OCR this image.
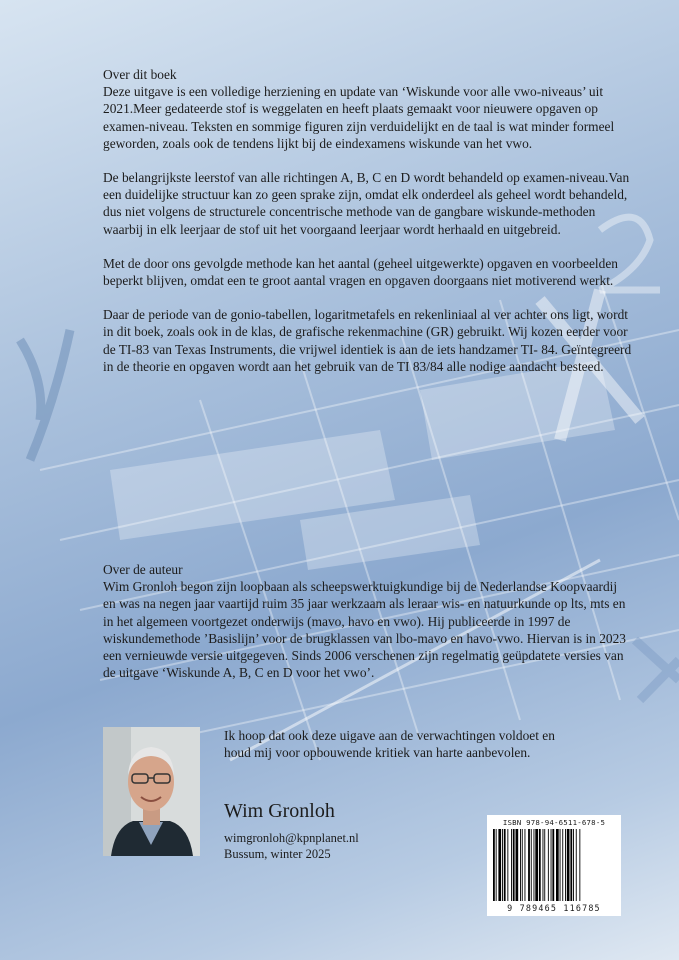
Over dit boek

Deze uitgave is een volledige herziening en update van ‘Wiskunde voor alle vwo-niveaus’ uit 2021.Meer gedateerde stof is weggelaten en heeft plaats gemaakt voor nieuwere opgaven op examen-niveau. Teksten en sommige figuren zijn verduidelijkt en de taal is wat minder formeel geworden, zoals ook de tendens lijkt bij de eindexamens wiskunde van het vwo.

De belangrijkste leerstof van alle richtingen A, B, C en D wordt behandeld op examen-niveau.Van een duidelijke structuur kan zo geen sprake zijn, omdat elk onderdeel als geheel wordt behandeld, dus niet volgens de structurele concentrische methode van de gangbare wiskunde-methoden waarbij in elk leerjaar de stof uit het voorgaand leerjaar wordt herhaald en uitgebreid.

Met de door ons gevolgde methode kan het aantal (geheel uitgewerkte) opgaven en voorbeelden beperkt blijven, omdat een te groot aantal vragen en opgaven doorgaans niet motiverend werkt.

Daar de periode van de gonio-tabellen, logaritmetafels en rekenliniaal al ver achter ons ligt, wordt in dit boek, zoals ook in de klas, de grafische rekenmachine (GR) gebruikt. Wij kozen eerder voor de TI-83 van Texas Instruments, die vrijwel identiek is aan de iets handzamer TI- 84. Geïntegreerd in de theorie en opgaven wordt aan het gebruik van de TI 83/84 alle nodige aandacht besteed.

Over de auteur

Wim Gronloh begon zijn loopbaan als scheepswerktuigkundige bij de Nederlandse Koopvaardij en was na negen jaar vaartijd ruim 35 jaar werkzaam als leraar wis- en natuurkunde op lts, mts en in het algemeen voortgezet onderwijs (mavo, havo en vwo). Hij publiceerde in 1997 de wiskundemethode ’Basislijn’ voor de brugklassen van lbo-mavo en havo-vwo. Hiervan is in 2023 een vernieuwde versie uitgegeven. Sinds 2006 verschenen zijn regelmatig geüpdatete versies van de uitgave ‘Wiskunde A, B, C en D voor het vwo’.

Ik hoop dat ook deze uigave aan de verwachtingen voldoet en houd mij voor opbouwende kritiek van harte aanbevolen.

Wim Gronloh
wimgronloh@kpnplanet.nl
Bussum, winter 2025
ISBN 978-94-6511-678-5
9 789465 116785
